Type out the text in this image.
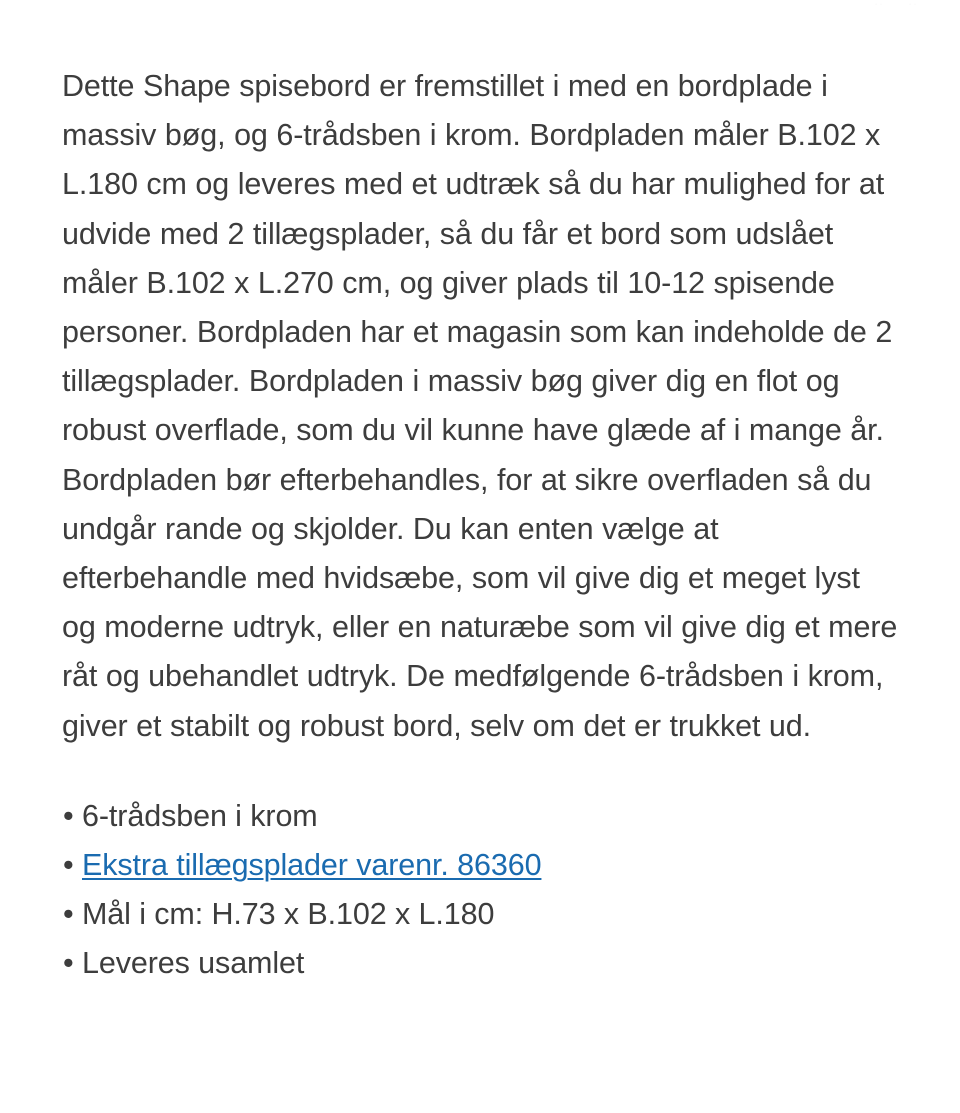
·· ··

Dette Shape spisebord er fremstillet i med en bordplade i massiv bøg, og 6-trådsben i krom. Bordpladen måler B.102 x L.180 cm og leveres med et udtræk så du har mulighed for at udvide med 2 tillægsplader, så du får et bord som udslået måler B.102 x L.270 cm, og giver plads til 10-12 spisende personer. Bordpladen har et magasin som kan indeholde de 2 tillægsplader. Bordpladen i massiv bøg giver dig en flot og robust overflade, som du vil kunne have glæde af i mange år. Bordpladen bør efterbehandles, for at sikre overfladen så du undgår rande og skjolder. Du kan enten vælge at efterbehandle med hvidsæbe, som vil give dig et meget lyst og moderne udtryk, eller en naturæbe som vil give dig et mere råt og ubehandlet udtryk. De medfølgende 6-trådsben i krom, giver et stabilt og robust bord, selv om det er trukket ud.

• 6-trådsben i krom
• Ekstra tillægsplader varenr. 86360
• Mål i cm: H.73 x B.102 x L.180
• Leveres usamlet
